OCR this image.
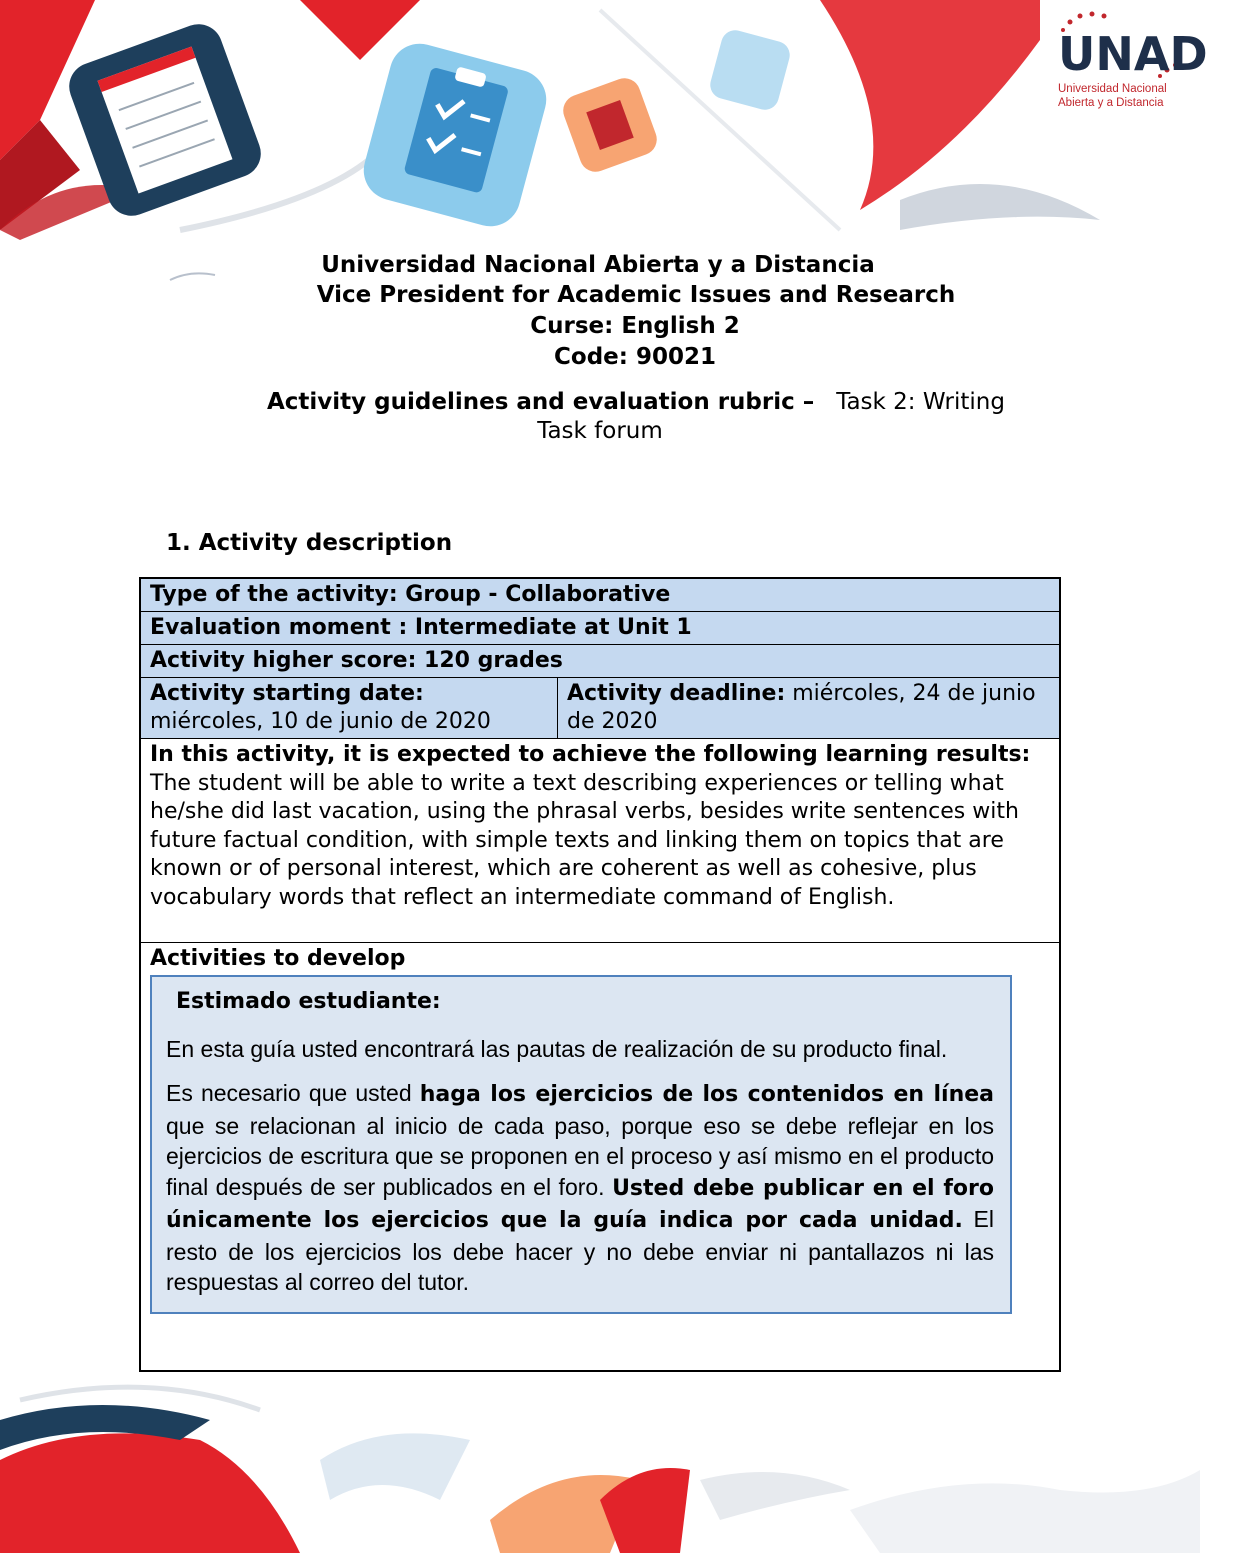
UNAD
Universidad Nacional
Abierta y a Distancia
Universidad Nacional Abierta y a Distancia
Vice President for Academic Issues and Research
Curse: English 2
Code: 90021
Activity guidelines and evaluation rubric – Task 2: Writing
Task forum
1. Activity description
Type of the activity: Group - Collaborative
Evaluation moment : Intermediate at Unit 1
Activity higher score: 120 grades
Activity starting date:
miércoles, 10 de junio de 2020
Activity deadline: miércoles, 24 de junio de 2020
In this activity, it is expected to achieve the following learning results:
The student will be able to write a text describing experiences or telling what he/she did last vacation, using the phrasal verbs, besides write sentences with future factual condition, with simple texts and linking them on topics that are known or of personal interest, which are coherent as well as cohesive, plus vocabulary words that reflect an intermediate command of English.
Activities to develop
Estimado estudiante:

En esta guía usted encontrará las pautas de realización de su producto final.

Es necesario que usted haga los ejercicios de los contenidos en línea que se relacionan al inicio de cada paso, porque eso se debe reflejar en los ejercicios de escritura que se proponen en el proceso y así mismo en el producto final después de ser publicados en el foro. Usted debe publicar en el foro únicamente los ejercicios que la guía indica por cada unidad. El resto de los ejercicios los debe hacer y no debe enviar ni pantallazos ni las respuestas al correo del tutor.
